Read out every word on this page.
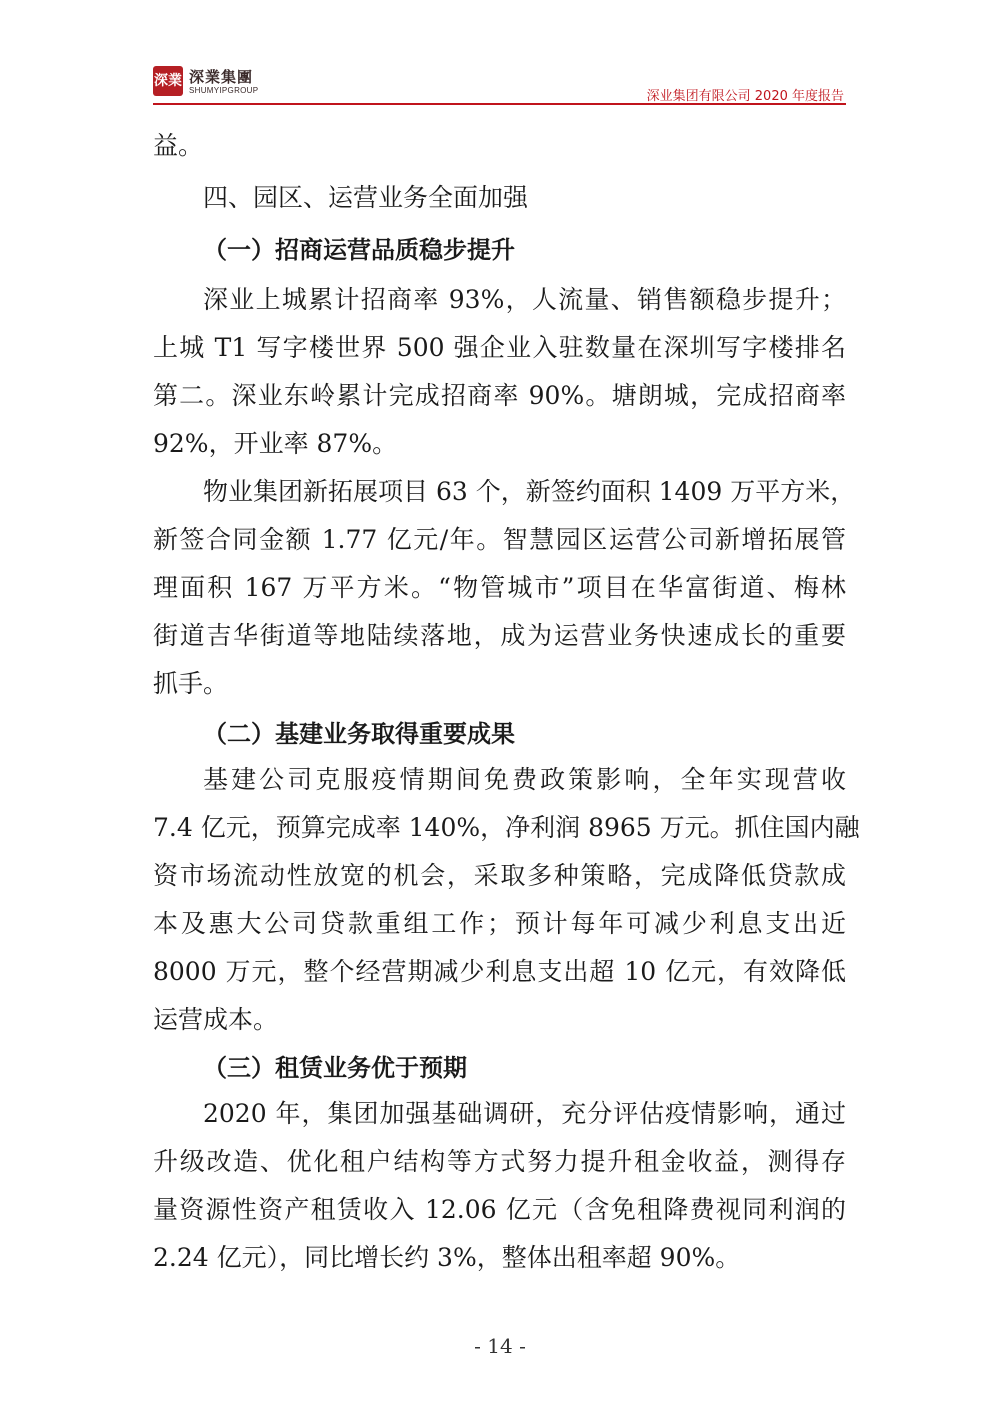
深業 深業集團
SHUMYIPGROUP	深业集团有限公司 2020 年度报告
益。
四、园区、运营业务全面加强
（一）招商运营品质稳步提升
深业上城累计招商率 93%，人流量、销售额稳步提升；
上城 T1 写字楼世界 500 强企业入驻数量在深圳写字楼排名
第二。深业东岭累计完成招商率 90%。塘朗城，完成招商率
92%，开业率 87%。
物业集团新拓展项目 63 个，新签约面积 1409 万平方米，
新签合同金额 1.77 亿元/年。智慧园区运营公司新增拓展管
理面积 167 万平方米。“物管城市”项目在华富街道、梅林
街道吉华街道等地陆续落地，成为运营业务快速成长的重要
抓手。
（二）基建业务取得重要成果
基建公司克服疫情期间免费政策影响，全年实现营收
7.4 亿元，预算完成率 140%，净利润 8965 万元。抓住国内融
资市场流动性放宽的机会，采取多种策略，完成降低贷款成
本及惠大公司贷款重组工作；预计每年可减少利息支出近
8000 万元，整个经营期减少利息支出超 10 亿元，有效降低
运营成本。
（三）租赁业务优于预期
2020 年，集团加强基础调研，充分评估疫情影响，通过
升级改造、优化租户结构等方式努力提升租金收益，测得存
量资源性资产租赁收入 12.06 亿元（含免租降费视同利润的
2.24 亿元），同比增长约 3%，整体出租率超 90%。
- 14 -
